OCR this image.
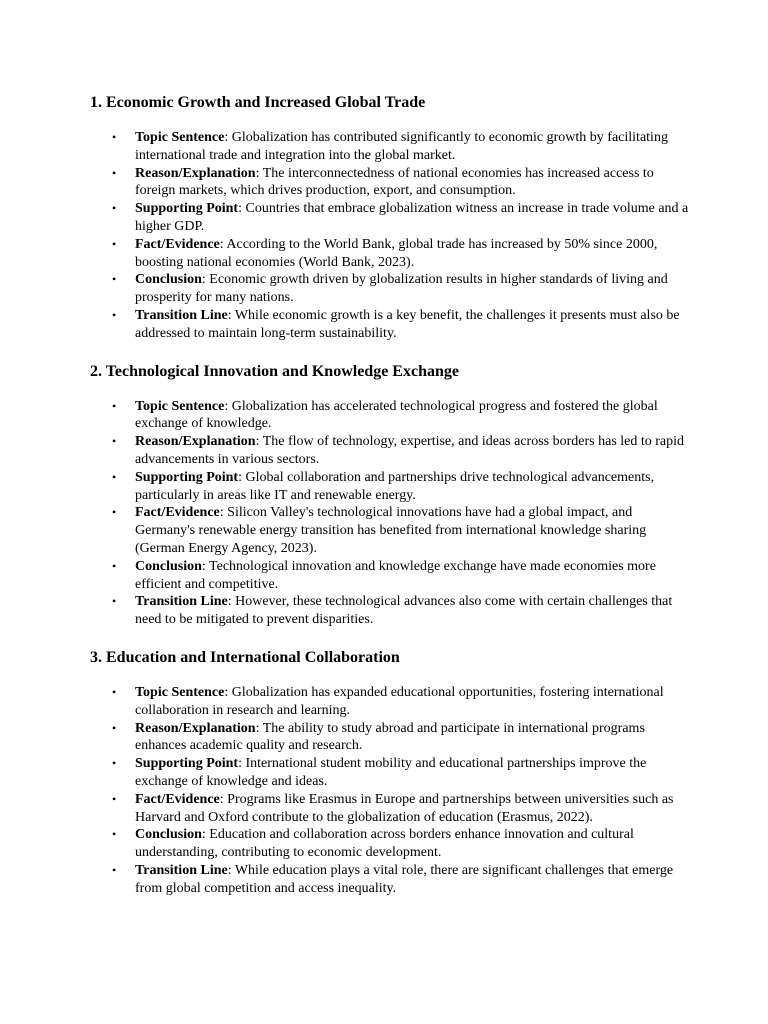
1. Economic Growth and Increased Global Trade
• Topic Sentence: Globalization has contributed significantly to economic growth by facilitating international trade and integration into the global market.
• Reason/Explanation: The interconnectedness of national economies has increased access to foreign markets, which drives production, export, and consumption.
• Supporting Point: Countries that embrace globalization witness an increase in trade volume and a higher GDP.
• Fact/Evidence: According to the World Bank, global trade has increased by 50% since 2000, boosting national economies (World Bank, 2023).
• Conclusion: Economic growth driven by globalization results in higher standards of living and prosperity for many nations.
• Transition Line: While economic growth is a key benefit, the challenges it presents must also be addressed to maintain long-term sustainability.
2. Technological Innovation and Knowledge Exchange
• Topic Sentence: Globalization has accelerated technological progress and fostered the global exchange of knowledge.
• Reason/Explanation: The flow of technology, expertise, and ideas across borders has led to rapid advancements in various sectors.
• Supporting Point: Global collaboration and partnerships drive technological advancements, particularly in areas like IT and renewable energy.
• Fact/Evidence: Silicon Valley's technological innovations have had a global impact, and Germany's renewable energy transition has benefited from international knowledge sharing (German Energy Agency, 2023).
• Conclusion: Technological innovation and knowledge exchange have made economies more efficient and competitive.
• Transition Line: However, these technological advances also come with certain challenges that need to be mitigated to prevent disparities.
3. Education and International Collaboration
• Topic Sentence: Globalization has expanded educational opportunities, fostering international collaboration in research and learning.
• Reason/Explanation: The ability to study abroad and participate in international programs enhances academic quality and research.
• Supporting Point: International student mobility and educational partnerships improve the exchange of knowledge and ideas.
• Fact/Evidence: Programs like Erasmus in Europe and partnerships between universities such as Harvard and Oxford contribute to the globalization of education (Erasmus, 2022).
• Conclusion: Education and collaboration across borders enhance innovation and cultural understanding, contributing to economic development.
• Transition Line: While education plays a vital role, there are significant challenges that emerge from global competition and access inequality.
